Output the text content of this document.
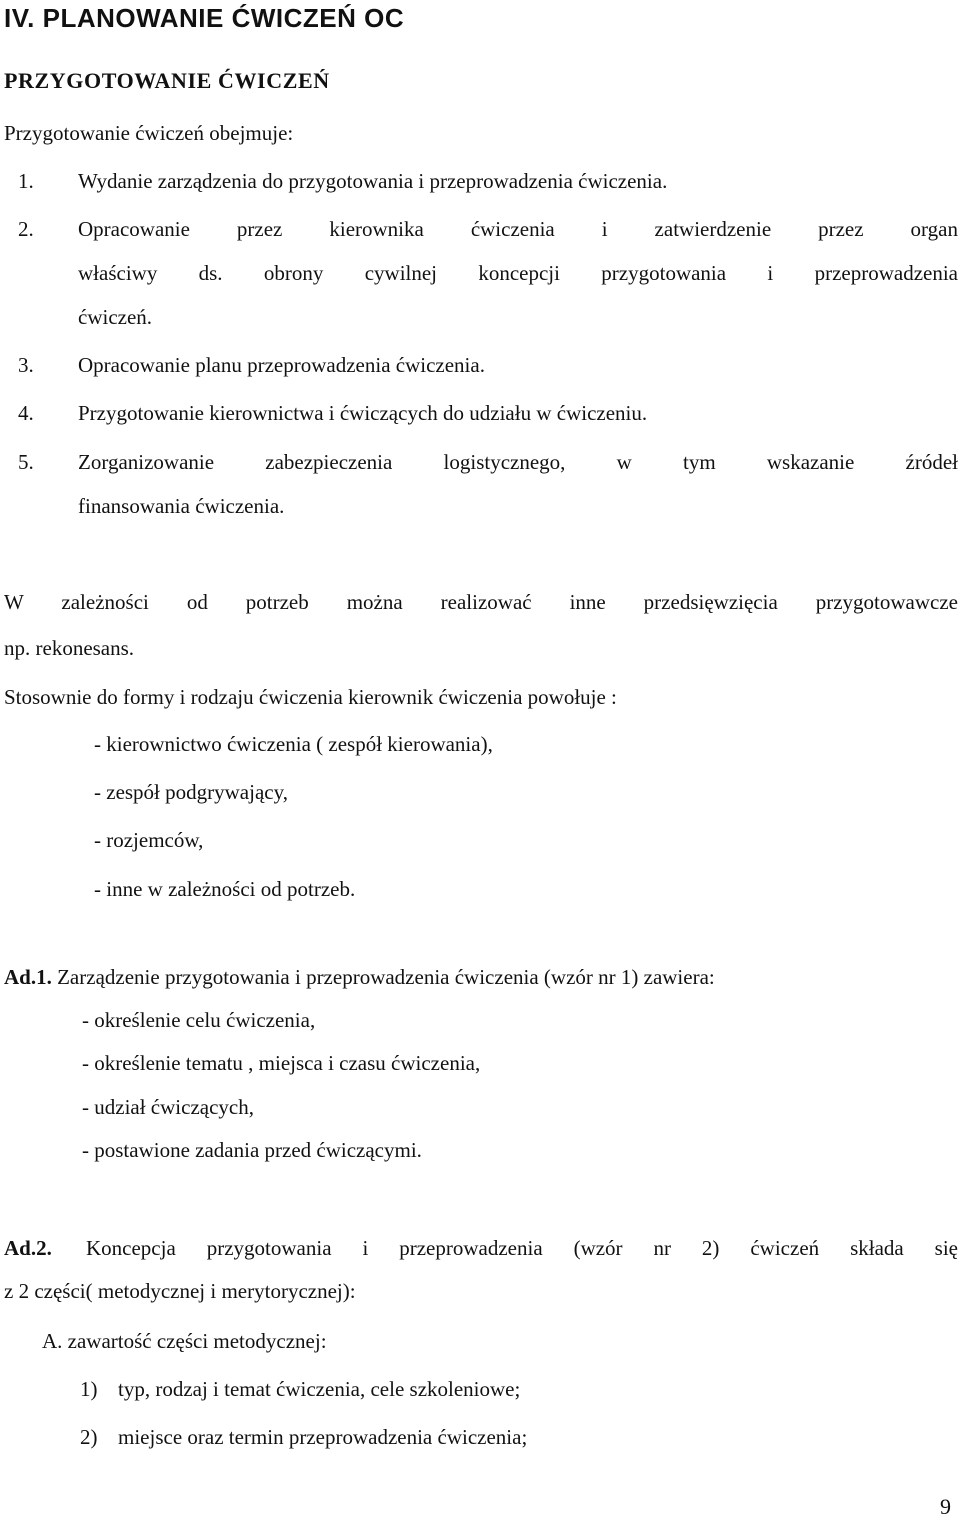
IV. PLANOWANIE ĆWICZEŃ OC
PRZYGOTOWANIE ĆWICZEŃ
Przygotowanie ćwiczeń obejmuje:
1. Wydanie zarządzenia do przygotowania i przeprowadzenia ćwiczenia.
2. Opracowanie przez kierownika ćwiczenia i zatwierdzenie przez organ
właściwy ds. obrony cywilnej koncepcji przygotowania i przeprowadzenia
ćwiczeń.
3. Opracowanie planu przeprowadzenia ćwiczenia.
4. Przygotowanie kierownictwa i ćwiczących do udziału w ćwiczeniu.
5. Zorganizowanie zabezpieczenia logistycznego, w tym wskazanie źródeł
finansowania ćwiczenia.
W zależności od potrzeb można realizować inne przedsięwzięcia przygotowawcze
np. rekonesans.
Stosownie do formy i rodzaju ćwiczenia kierownik ćwiczenia powołuje :
- kierownictwo ćwiczenia ( zespół kierowania),
- zespół podgrywający,
- rozjemców,
- inne w zależności od potrzeb.
Ad.1. Zarządzenie przygotowania i przeprowadzenia ćwiczenia (wzór nr 1) zawiera:
- określenie celu ćwiczenia,
- określenie tematu , miejsca i czasu ćwiczenia,
- udział ćwiczących,
- postawione zadania przed ćwiczącymi.
Ad.2. Koncepcja przygotowania i przeprowadzenia (wzór nr 2) ćwiczeń składa się
z 2 części( metodycznej i merytorycznej):
A. zawartość części metodycznej:
1) typ, rodzaj i temat ćwiczenia, cele szkoleniowe;
2) miejsce oraz termin przeprowadzenia ćwiczenia;
9
